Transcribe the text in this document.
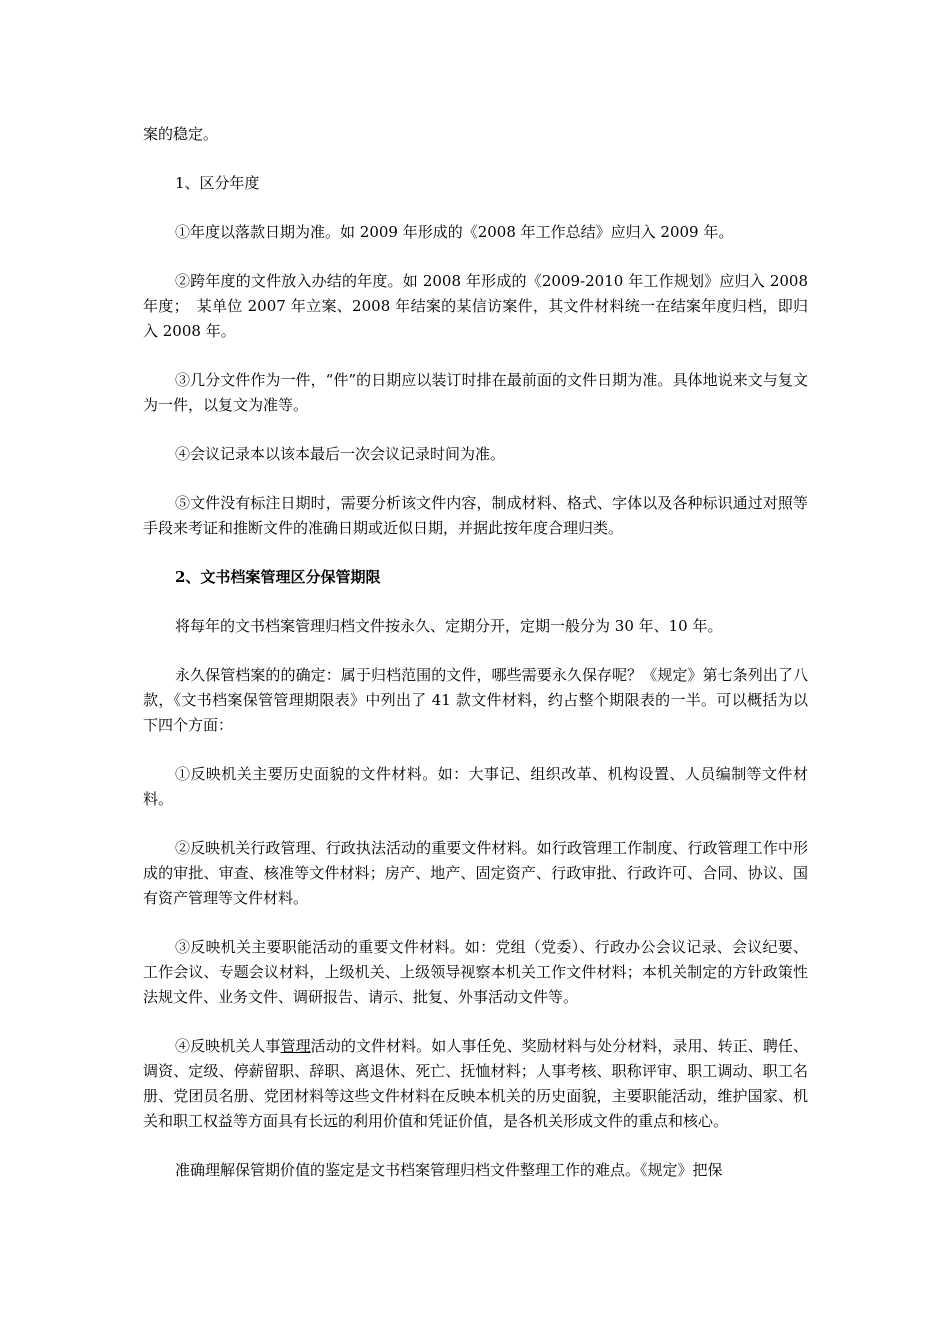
案的稳定。

1、区分年度

①年度以落款日期为准。如 2009 年形成的《2008 年工作总结》应归入 2009 年。

②跨年度的文件放入办结的年度。如 2008 年形成的《2009-2010 年工作规划》应归入 2008 年度；　某单位 2007 年立案、2008 年结案的某信访案件，其文件材料统一在结案年度归档，即归入 2008 年。

③几分文件作为一件，“件”的日期应以装订时排在最前面的文件日期为准。具体地说来文与复文为一件，以复文为准等。

④会议记录本以该本最后一次会议记录时间为准。

⑤文件没有标注日期时，需要分析该文件内容，制成材料、格式、字体以及各种标识通过对照等手段来考证和推断文件的准确日期或近似日期，并据此按年度合理归类。

2、文书档案管理区分保管期限

将每年的文书档案管理归档文件按永久、定期分开，定期一般分为 30 年、10 年。

永久保管档案的的确定：属于归档范围的文件，哪些需要永久保存呢？《规定》第七条列出了八款，《文书档案保管管理期限表》中列出了 41 款文件材料，约占整个期限表的一半。可以概括为以下四个方面：

①反映机关主要历史面貌的文件材料。如：大事记、组织改革、机构设置、人员编制等文件材料。

②反映机关行政管理、行政执法活动的重要文件材料。如行政管理工作制度、行政管理工作中形成的审批、审查、核准等文件材料；房产、地产、固定资产、行政审批、行政许可、合同、协议、国有资产管理等文件材料。

③反映机关主要职能活动的重要文件材料。如：党组（党委）、行政办公会议记录、会议纪要、工作会议、专题会议材料，上级机关、上级领导视察本机关工作文件材料；本机关制定的方针政策性法规文件、业务文件、调研报告、请示、批复、外事活动文件等。

④反映机关人事管理活动的文件材料。如人事任免、奖励材料与处分材料，录用、转正、聘任、调资、定级、停薪留职、辞职、离退休、死亡、抚恤材料；人事考核、职称评审、职工调动、职工名册、党团员名册、党团材料等这些文件材料在反映本机关的历史面貌，主要职能活动，维护国家、机关和职工权益等方面具有长远的利用价值和凭证价值，是各机关形成文件的重点和核心。

准确理解保管期价值的鉴定是文书档案管理归档文件整理工作的难点。《规定》把保
